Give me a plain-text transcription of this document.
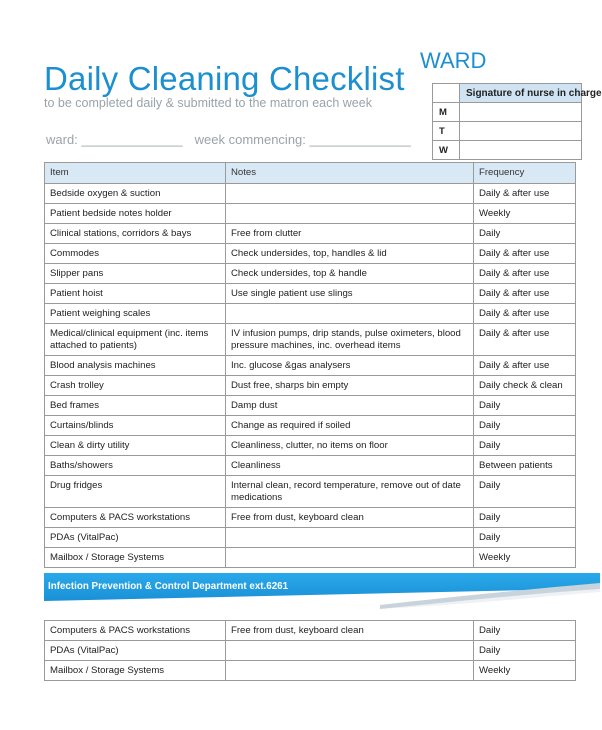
Daily Cleaning Checklist WARD
to be completed daily & submitted to the matron each week
ward: ______________ week commencing: ______________
	Signature of nurse in charge
M	
T	
W	
Item	Notes	Frequency
Bedside oxygen & suction		Daily & after use
Patient bedside notes holder		Weekly
Clinical stations, corridors & bays	Free from clutter	Daily
Commodes	Check undersides, top, handles & lid	Daily & after use
Slipper pans	Check undersides, top & handle	Daily & after use
Patient hoist	Use single patient use slings	Daily & after use
Patient weighing scales		Daily & after use
Medical/clinical equipment (inc. items attached to patients)	IV infusion pumps, drip stands, pulse oximeters, blood pressure machines, inc. overhead items	Daily & after use
Blood analysis machines	Inc. glucose &gas analysers	Daily & after use
Crash trolley	Dust free, sharps bin empty	Daily check & clean
Bed frames	Damp dust	Daily
Curtains/blinds	Change as required if soiled	Daily
Clean & dirty utility	Cleanliness, clutter, no items on floor	Daily
Baths/showers	Cleanliness	Between patients
Drug fridges	Internal clean, record temperature, remove out of date medications	Daily
Computers & PACS workstations	Free from dust, keyboard clean	Daily
PDAs (VitalPac)		Daily
Mailbox / Storage Systems		Weekly
Infection Prevention & Control Department ext.6261
Computers & PACS workstations	Free from dust, keyboard clean	Daily
PDAs (VitalPac)		Daily
Mailbox / Storage Systems		Weekly
